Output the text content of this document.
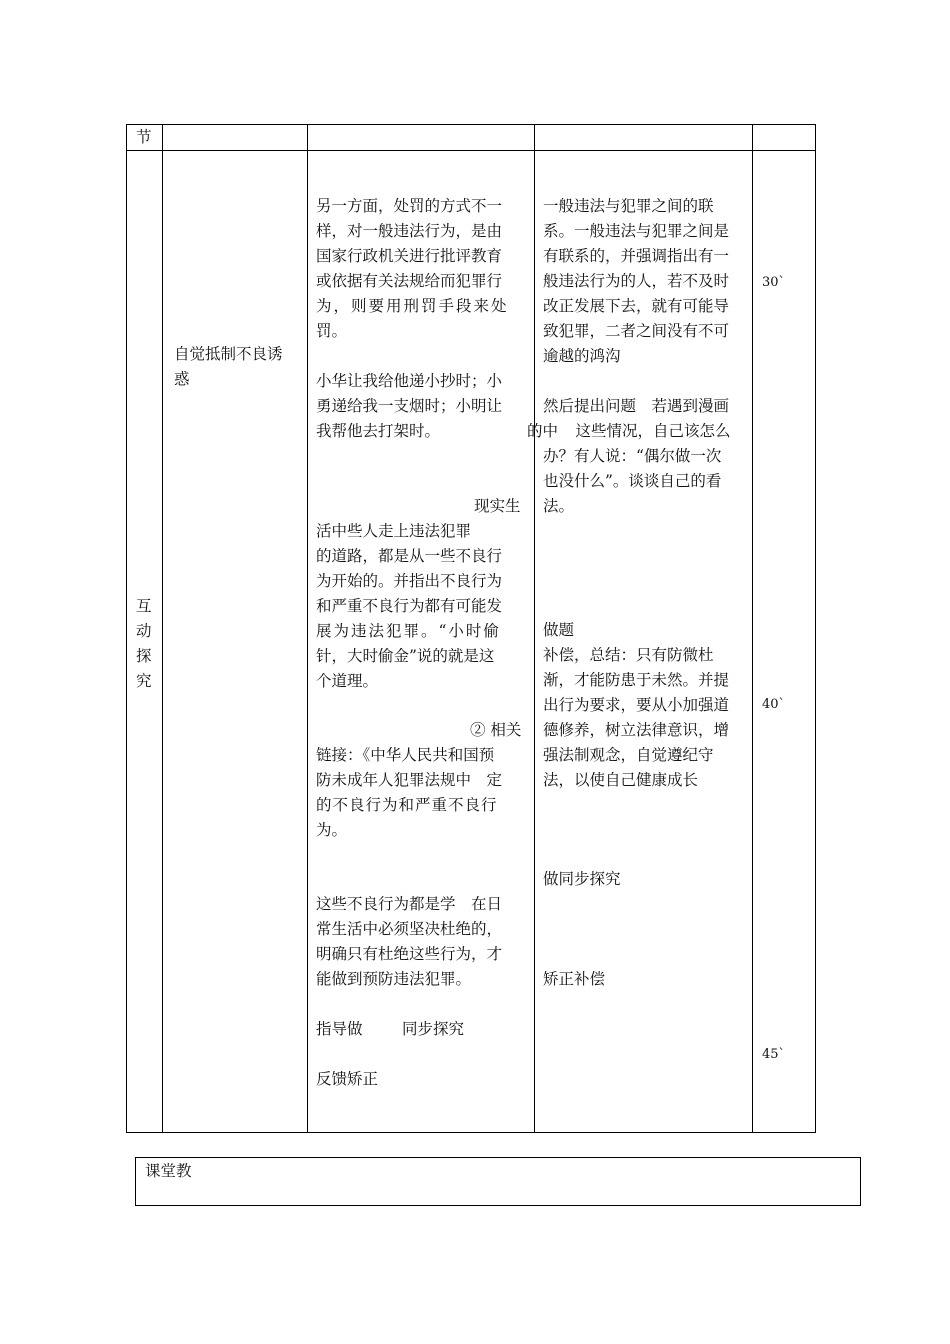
节
互
动
探
究
自觉抵制不良诱
惑
另一方面，处罚的方式不一
样，对一般违法行为，是由
国家行政机关进行批评教育
或依据有关法规给而犯罪行
为，则要用刑罚手段来处
罚。
小华让我给他递小抄时；小
勇递给我一支烟时；小明让
我帮他去打架时。	的中
现实生
活中些人走上违法犯罪
的道路，都是从一些不良行
为开始的。并指出不良行为
和严重不良行为都有可能发
展为违法犯罪。“小时偷
针，大时偷金”说的就是这
个道理。
② 相关
链接：《中华人民共和国预
防未成年人犯罪法规中　定
的不良行为和严重不良行
为。
这些不良行为都是学　在日
常生活中必须坚决杜绝的，
明确只有杜绝这些行为，才
能做到预防违法犯罪。
指导做	同步探究
反馈矫正
一般违法与犯罪之间的联
系。一般违法与犯罪之间是
有联系的，并强调指出有一
般违法行为的人，若不及时
改正发展下去，就有可能导
致犯罪，二者之间没有不可
逾越的鸿沟
然后提出问题　若遇到漫画
　这些情况，自己该怎么
办？有人说：“偶尔做一次
也没什么”。谈谈自己的看
法。
做题
补偿，总结：只有防微杜
渐，才能防患于未然。并提
出行为要求，要从小加强道
德修养，树立法律意识，增
强法制观念，自觉遵纪守
法，以使自己健康成长
做同步探究
矫正补偿
30`
40`
45`
课堂教
